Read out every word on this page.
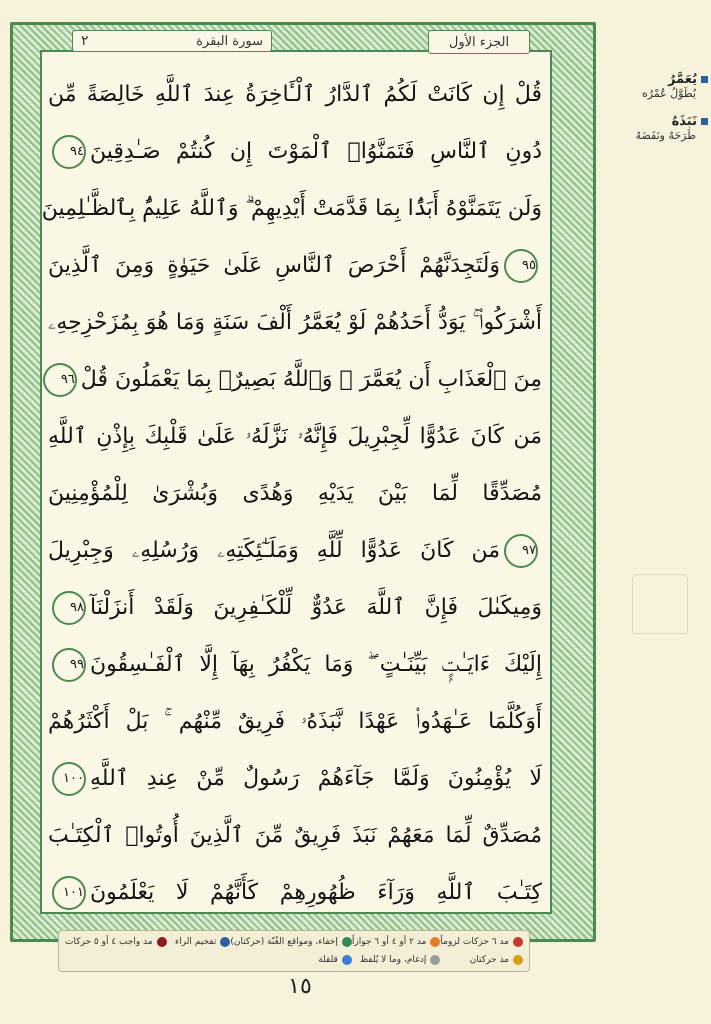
الجزء الأول
٢	سورة البقرة
قُلْ إِن كَانَتْ لَكُمُ ٱلدَّارُ ٱلْـَٔاخِرَةُ عِندَ ٱللَّهِ خَالِصَةً مِّن
دُونِ ٱلنَّاسِ فَتَمَنَّوُا۟ ٱلْمَوْتَ إِن كُنتُمْ صَـٰدِقِينَ٩٤
وَلَن يَتَمَنَّوْهُ أَبَدًۢا بِمَا قَدَّمَتْ أَيْدِيهِمْ ۗ وَٱللَّهُ عَلِيمٌۢ بِٱلظَّـٰلِمِينَ
٩٥وَلَتَجِدَنَّهُمْ أَحْرَصَ ٱلنَّاسِ عَلَىٰ حَيَوٰةٍ وَمِنَ ٱلَّذِينَ
أَشْرَكُوا۟ ۚ يَوَدُّ أَحَدُهُمْ لَوْ يُعَمَّرُ أَلْفَ سَنَةٍ وَمَا هُوَ بِمُزَحْزِحِهِۦ
مِنَ ٱلْعَذَابِ أَن يُعَمَّرَ ۗ وَٱللَّهُ بَصِيرٌۢ بِمَا يَعْمَلُونَ قُلْ٩٦
مَن كَانَ عَدُوًّا لِّجِبْرِيلَ فَإِنَّهُۥ نَزَّلَهُۥ عَلَىٰ قَلْبِكَ بِإِذْنِ ٱللَّهِ
مُصَدِّقًا لِّمَا بَيْنَ يَدَيْهِ وَهُدًى وَبُشْرَىٰ لِلْمُؤْمِنِينَ
٩٧مَن كَانَ عَدُوًّا لِّلَّهِ وَمَلَـٰٓئِكَتِهِۦ وَرُسُلِهِۦ وَجِبْرِيلَ
وَمِيكَىٰلَ فَإِنَّ ٱللَّهَ عَدُوٌّ لِّلْكَـٰفِرِينَ وَلَقَدْ أَنزَلْنَآ٩٨
إِلَيْكَ ءَايَـٰتٍۭ بَيِّنَـٰتٍ ۖ وَمَا يَكْفُرُ بِهَآ إِلَّا ٱلْفَـٰسِقُونَ٩٩
أَوَكُلَّمَا عَـٰهَدُوا۟ عَهْدًا نَّبَذَهُۥ فَرِيقٌ مِّنْهُم ۚ بَلْ أَكْثَرُهُمْ
لَا يُؤْمِنُونَ وَلَمَّا جَآءَهُمْ رَسُولٌ مِّنْ عِندِ ٱللَّهِ١٠٠
مُصَدِّقٌ لِّمَا مَعَهُمْ نَبَذَ فَرِيقٌ مِّنَ ٱلَّذِينَ أُوتُوا۟ ٱلْكِتَـٰبَ
كِتَـٰبَ ٱللَّهِ وَرَآءَ ظُهُورِهِمْ كَأَنَّهُمْ لَا يَعْلَمُونَ١٠١
يُعَمَّرُ
يُطَوَّلُ عُمْرُه
نَبَذَهُ
طَرَحَهُ ونَقَضَهُ
مد ٦ حركات لزوماً
مد ٢ أو ٤ أو ٦ جوازاً
إخفاء، ومواقع الغُنّة (حركتان)
تفخيم الراء
مد واجب ٤ أو ٥ حركات
مد حركتان
إدغام، وما لا يُلفظ
قلقلة
١٥
